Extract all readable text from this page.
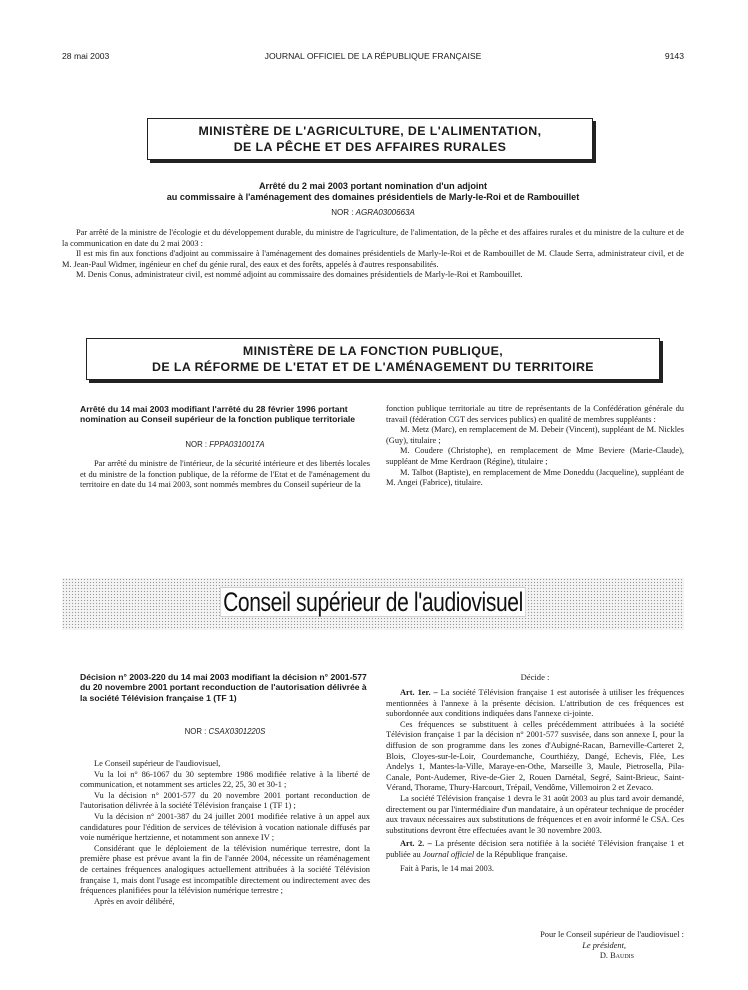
28 mai 2003	JOURNAL OFFICIEL DE LA RÉPUBLIQUE FRANÇAISE	9143
MINISTÈRE DE L'AGRICULTURE, DE L'ALIMENTATION,
DE LA PÊCHE ET DES AFFAIRES RURALES
Arrêté du 2 mai 2003 portant nomination d'un adjoint
au commissaire à l'aménagement des domaines présidentiels de Marly-le-Roi et de Rambouillet
NOR : AGRA0300663A

Par arrêté de la ministre de l'écologie et du développement durable, du ministre de l'agriculture, de l'alimentation, de la pêche et des affaires rurales et du ministre de la culture et de la communication en date du 2 mai 2003 :

Il est mis fin aux fonctions d'adjoint au commissaire à l'aménagement des domaines présidentiels de Marly-le-Roi et de Rambouillet de M. Claude Serra, administrateur civil, et de M. Jean-Paul Widmer, ingénieur en chef du génie rural, des eaux et des forêts, appelés à d'autres responsabilités.

M. Denis Conus, administrateur civil, est nommé adjoint au commissaire des domaines présidentiels de Marly-le-Roi et Rambouillet.

MINISTÈRE DE LA FONCTION PUBLIQUE,
DE LA RÉFORME DE L'ETAT ET DE L'AMÉNAGEMENT DU TERRITOIRE
Arrêté du 14 mai 2003 modifiant l'arrêté du 28 février 1996 portant nomination au Conseil supérieur de la fonction publique territoriale
NOR : FPPA0310017A

Par arrêté du ministre de l'intérieur, de la sécurité intérieure et des libertés locales et du ministre de la fonction publique, de la réforme de l'Etat et de l'aménagement du territoire en date du 14 mai 2003, sont nommés membres du Conseil supérieur de la

fonction publique territoriale au titre de représentants de la Confédération générale du travail (fédération CGT des services publics) en qualité de membres suppléants :

M. Metz (Marc), en remplacement de M. Debeir (Vincent), suppléant de M. Nickles (Guy), titulaire ;

M. Coudere (Christophe), en remplacement de Mme Beviere (Marie-Claude), suppléant de Mme Kerdraon (Régine), titulaire ;

M. Talbot (Baptiste), en remplacement de Mme Doneddu (Jacqueline), suppléant de M. Angei (Fabrice), titulaire.

Conseil supérieur de l'audiovisuel
Décision n° 2003-220 du 14 mai 2003 modifiant la décision n° 2001-577 du 20 novembre 2001 portant reconduction de l'autorisation délivrée à la société Télévision française 1 (TF 1)
NOR : CSAX0301220S

Le Conseil supérieur de l'audiovisuel,

Vu la loi n° 86-1067 du 30 septembre 1986 modifiée relative à la liberté de communication, et notamment ses articles 22, 25, 30 et 30-1 ;

Vu la décision n° 2001-577 du 20 novembre 2001 portant reconduction de l'autorisation délivrée à la société Télévision française 1 (TF 1) ;

Vu la décision n° 2001-387 du 24 juillet 2001 modifiée relative à un appel aux candidatures pour l'édition de services de télévision à vocation nationale diffusés par voie numérique hertzienne, et notamment son annexe IV ;

Considérant que le déploiement de la télévision numérique terrestre, dont la première phase est prévue avant la fin de l'année 2004, nécessite un réaménagement de certaines fréquences analogiques actuellement attribuées à la société Télévision française 1, mais dont l'usage est incompatible directement ou indirectement avec des fréquences planifiées pour la télévision numérique terrestre ;

Après en avoir délibéré,

Décide :

Art. 1er. – La société Télévision française 1 est autorisée à utiliser les fréquences mentionnées à l'annexe à la présente décision. L'attribution de ces fréquences est subordonnée aux conditions indiquées dans l'annexe ci-jointe.

Ces fréquences se substituent à celles précédemment attribuées à la société Télévision française 1 par la décision n° 2001-577 susvisée, dans son annexe I, pour la diffusion de son programme dans les zones d'Aubigné-Racan, Barneville-Carteret 2, Blois, Cloyes-sur-le-Loir, Courdemanche, Courthiézy, Dangé, Echevis, Flée, Les Andelys 1, Mantes-la-Ville, Maraye-en-Othe, Marseille 3, Maule, Pietrosella, Pila-Canale, Pont-Audemer, Rive-de-Gier 2, Rouen Darnétal, Segré, Saint-Brieuc, Saint-Vérand, Thorame, Thury-Harcourt, Trépail, Vendôme, Villemoiron 2 et Zevaco.

La société Télévision française 1 devra le 31 août 2003 au plus tard avoir demandé, directement ou par l'intermédiaire d'un mandataire, à un opérateur technique de procéder aux travaux nécessaires aux substitutions de fréquences et en avoir informé le CSA. Ces substitutions devront être effectuées avant le 30 novembre 2003.

Art. 2. – La présente décision sera notifiée à la société Télévision française 1 et publiée au Journal officiel de la République française.

Fait à Paris, le 14 mai 2003.

Pour le Conseil supérieur de l'audiovisuel :
Le président,
D. Baudis
